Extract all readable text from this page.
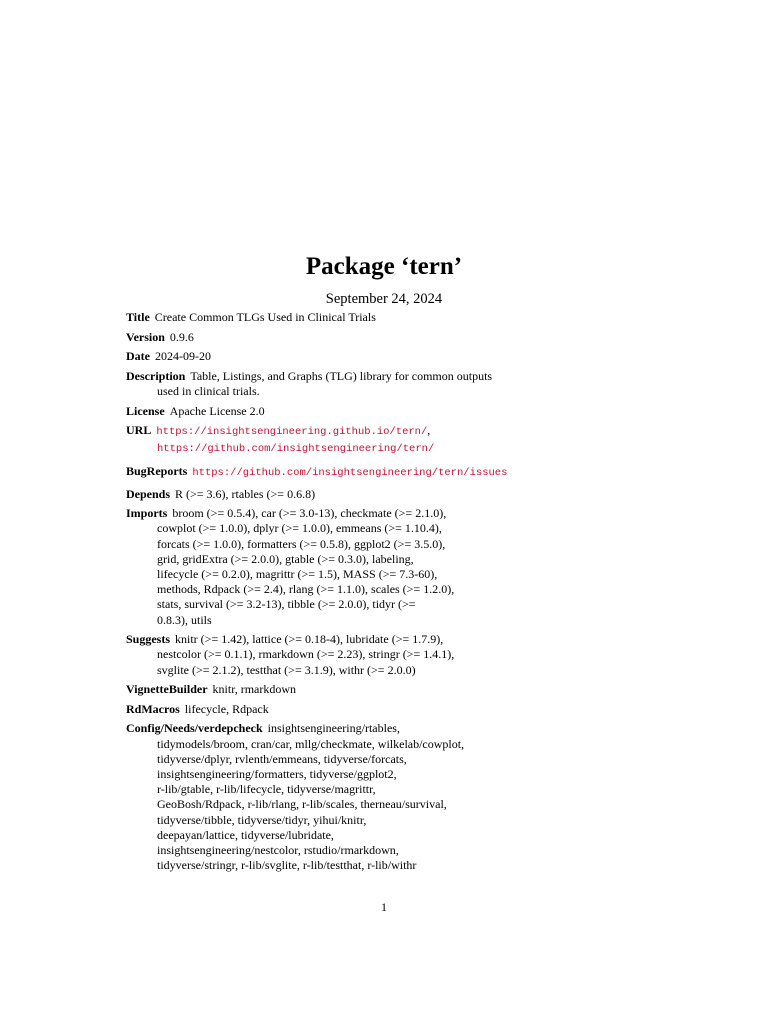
Package ‘tern’
September 24, 2024
Title Create Common TLGs Used in Clinical Trials
Version 0.9.6
Date 2024-09-20
Description Table, Listings, and Graphs (TLG) library for common outputs
used in clinical trials.
License Apache License 2.0
URL https://insightsengineering.github.io/tern/,
https://github.com/insightsengineering/tern/
BugReports https://github.com/insightsengineering/tern/issues
Depends R (>= 3.6), rtables (>= 0.6.8)
Imports broom (>= 0.5.4), car (>= 3.0-13), checkmate (>= 2.1.0),
cowplot (>= 1.0.0), dplyr (>= 1.0.0), emmeans (>= 1.10.4),
forcats (>= 1.0.0), formatters (>= 0.5.8), ggplot2 (>= 3.5.0),
grid, gridExtra (>= 2.0.0), gtable (>= 0.3.0), labeling,
lifecycle (>= 0.2.0), magrittr (>= 1.5), MASS (>= 7.3-60),
methods, Rdpack (>= 2.4), rlang (>= 1.1.0), scales (>= 1.2.0),
stats, survival (>= 3.2-13), tibble (>= 2.0.0), tidyr (>=
0.8.3), utils
Suggests knitr (>= 1.42), lattice (>= 0.18-4), lubridate (>= 1.7.9),
nestcolor (>= 0.1.1), rmarkdown (>= 2.23), stringr (>= 1.4.1),
svglite (>= 2.1.2), testthat (>= 3.1.9), withr (>= 2.0.0)
VignetteBuilder knitr, rmarkdown
RdMacros lifecycle, Rdpack
Config/Needs/verdepcheck insightsengineering/rtables,
tidymodels/broom, cran/car, mllg/checkmate, wilkelab/cowplot,
tidyverse/dplyr, rvlenth/emmeans, tidyverse/forcats,
insightsengineering/formatters, tidyverse/ggplot2,
r-lib/gtable, r-lib/lifecycle, tidyverse/magrittr,
GeoBosh/Rdpack, r-lib/rlang, r-lib/scales, therneau/survival,
tidyverse/tibble, tidyverse/tidyr, yihui/knitr,
deepayan/lattice, tidyverse/lubridate,
insightsengineering/nestcolor, rstudio/rmarkdown,
tidyverse/stringr, r-lib/svglite, r-lib/testthat, r-lib/withr
1
